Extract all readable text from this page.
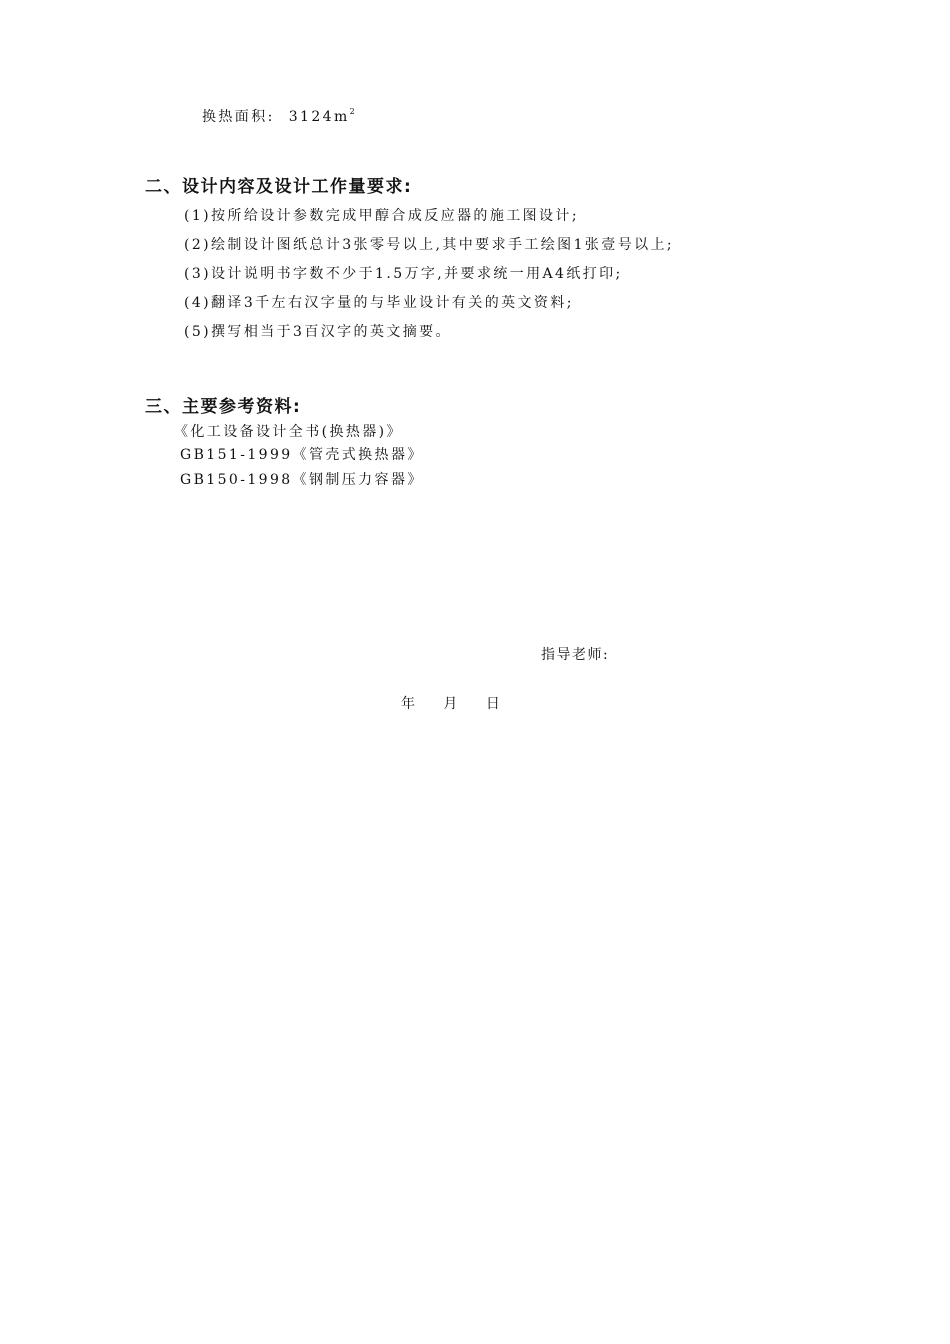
换热面积: $3124m^2$
二、设计内容及设计工作量要求:
(1)按所给设计参数完成甲醇合成反应器的施工图设计;
(2)绘制设计图纸总计3张零号以上,其中要求手工绘图1张壹号以上;
(3)设计说明书字数不少于1.5万字,并要求统一用A4纸打印;
(4)翻译3千左右汉字量的与毕业设计有关的英文资料;
(5)撰写相当于3百汉字的英文摘要。
三、主要参考资料:
《化工设备设计全书(换热器)》
GB151-1999《管壳式换热器》
GB150-1998《钢制压力容器》
指导老师:
年 月 日
